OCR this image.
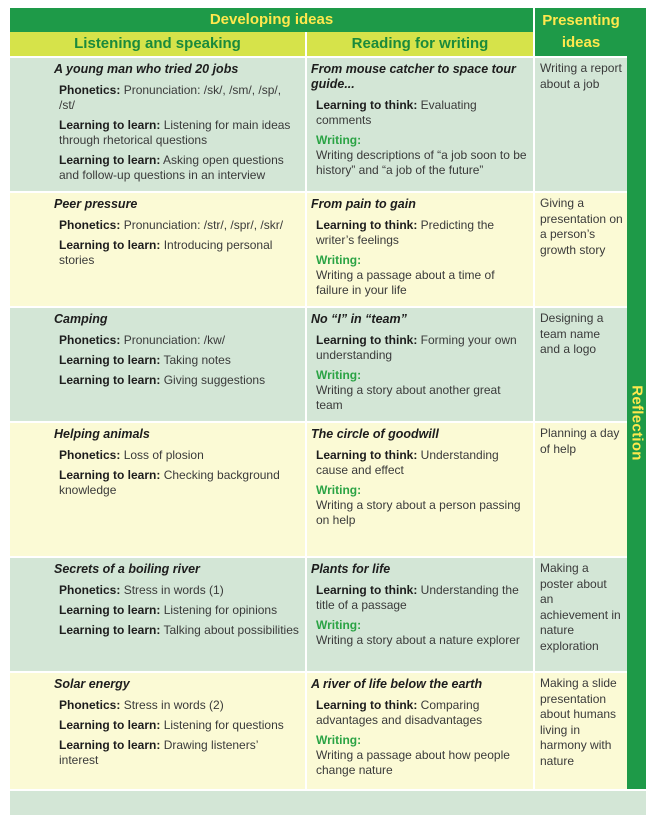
Developing ideas	Presenting ideas
Listening and speaking	Reading for writing
A young man who tried 20 jobs
Phonetics: Pronunciation: /sk/, /sm/, /sp/, /st/
Learning to learn: Listening for main ideas through rhetorical questions
Learning to learn: Asking open questions and follow-up questions in an interview
From mouse catcher to space tour guide...
Learning to think: Evaluating comments
Writing:
Writing descriptions of “a job soon to be history” and “a job of the future”
Writing a report about a job
Peer pressure
Phonetics: Pronunciation: /str/, /spr/, /skr/
Learning to learn: Introducing personal stories
From pain to gain
Learning to think: Predicting the writer’s feelings
Writing:
Writing a passage about a time of failure in your life
Giving a presentation on a person’s growth story
Camping
Phonetics: Pronunciation: /kw/
Learning to learn: Taking notes
Learning to learn: Giving suggestions
No “I” in “team”
Learning to think: Forming your own understanding
Writing:
Writing a story about another great team
Designing a team name and a logo
Helping animals
Phonetics: Loss of plosion
Learning to learn: Checking background knowledge
The circle of goodwill
Learning to think: Understanding cause and effect
Writing:
Writing a story about a person passing on help
Planning a day of help
Secrets of a boiling river
Phonetics: Stress in words (1)
Learning to learn: Listening for opinions
Learning to learn: Talking about possibilities
Plants for life
Learning to think: Understanding the title of a passage
Writing:
Writing a story about a nature explorer
Making a poster about an achievement in nature exploration
Solar energy
Phonetics: Stress in words (2)
Learning to learn: Listening for questions
Learning to learn: Drawing listeners’ interest
A river of life below the earth
Learning to think: Comparing advantages and disadvantages
Writing:
Writing a passage about how people change nature
Making a slide presentation about humans living in harmony with nature
Reflection
